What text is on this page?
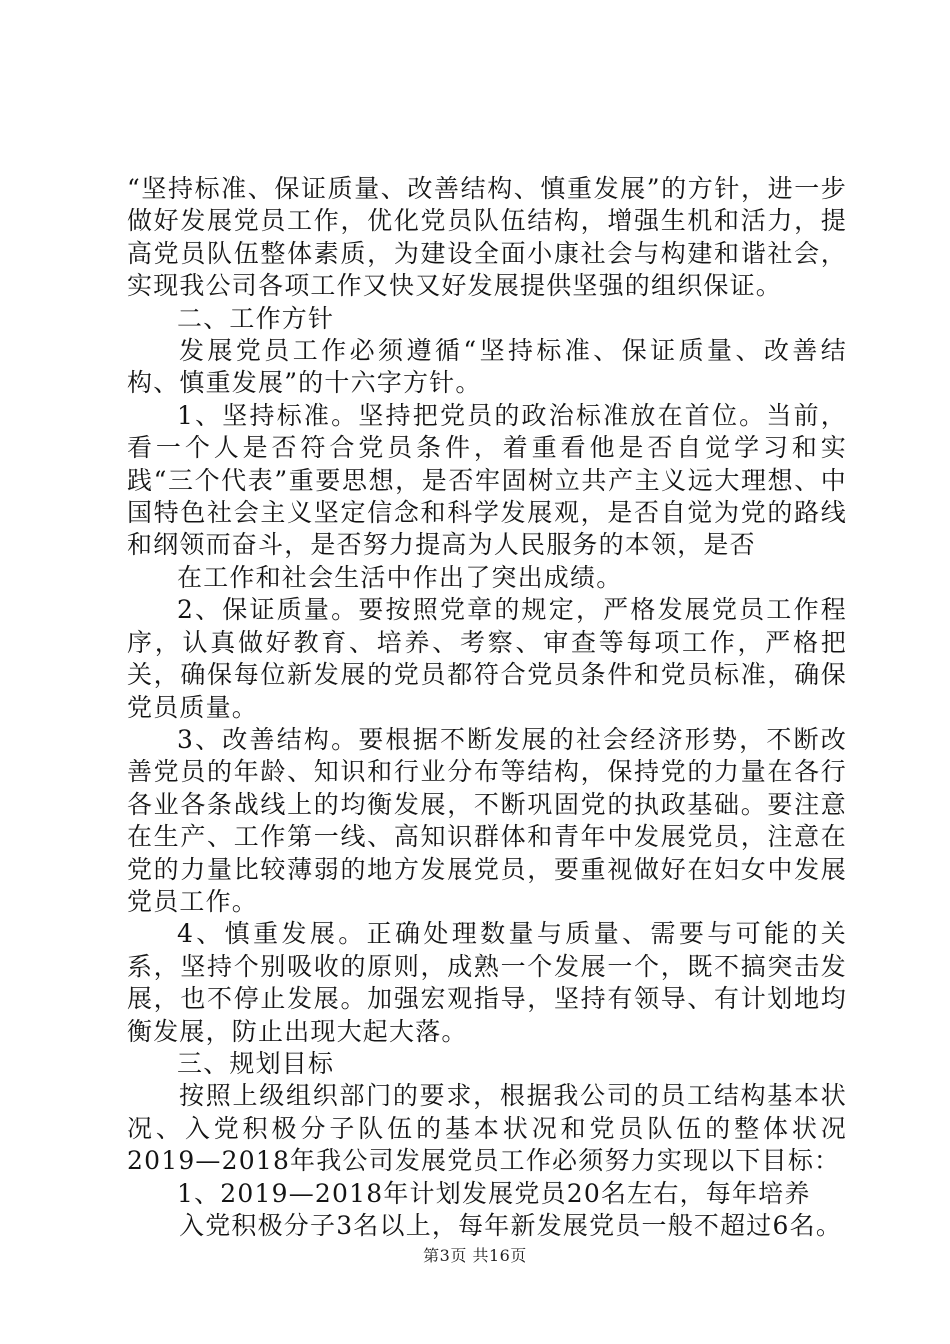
“坚持标准、保证质量、改善结构、慎重发展”的方针，进一步做好发展党员工作，优化党员队伍结构，增强生机和活力，提高党员队伍整体素质，为建设全面小康社会与构建和谐社会，实现我公司各项工作又快又好发展提供坚强的组织保证。

二、工作方针

发展党员工作必须遵循“坚持标准、保证质量、改善结构、慎重发展”的十六字方针。

1、坚持标准。坚持把党员的政治标准放在首位。当前，看一个人是否符合党员条件，着重看他是否自觉学习和实践“三个代表”重要思想，是否牢固树立共产主义远大理想、中国特色社会主义坚定信念和科学发展观，是否自觉为党的路线和纲领而奋斗，是否努力提高为人民服务的本领，是否

在工作和社会生活中作出了突出成绩。

2、保证质量。要按照党章的规定，严格发展党员工作程序，认真做好教育、培养、考察、审查等每项工作，严格把关，确保每位新发展的党员都符合党员条件和党员标准，确保党员质量。

3、改善结构。要根据不断发展的社会经济形势，不断改善党员的年龄、知识和行业分布等结构，保持党的力量在各行各业各条战线上的均衡发展，不断巩固党的执政基础。要注意在生产、工作第一线、高知识群体和青年中发展党员，注意在党的力量比较薄弱的地方发展党员，要重视做好在妇女中发展党员工作。

4、慎重发展。正确处理数量与质量、需要与可能的关系，坚持个别吸收的原则，成熟一个发展一个，既不搞突击发展，也不停止发展。加强宏观指导，坚持有领导、有计划地均衡发展，防止出现大起大落。

三、规划目标

按照上级组织部门的要求，根据我公司的员工结构基本状况、入党积极分子队伍的基本状况和党员队伍的整体状况2019—2018年我公司发展党员工作必须努力实现以下目标：

1、2019—2018年计划发展党员20名左右，每年培养

入党积极分子3名以上，每年新发展党员一般不超过6名。

第3页 共16页
